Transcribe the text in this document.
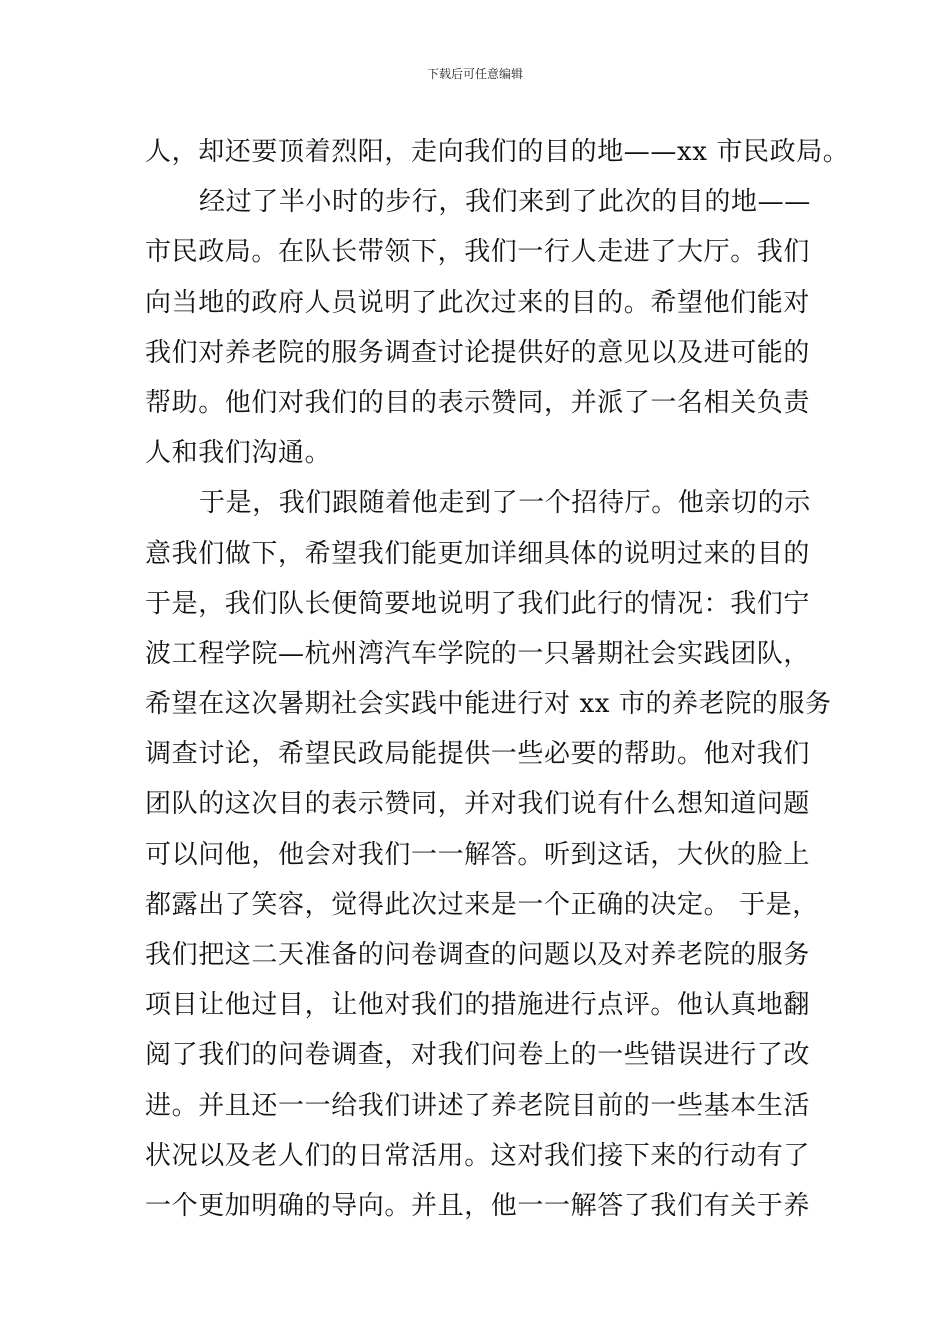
下载后可任意编辑
人，却还要顶着烈阳，走向我们的目的地——xx 市民政局。
经过了半小时的步行，我们来到了此次的目的地——
市民政局。在队长带领下，我们一行人走进了大厅。我们
向当地的政府人员说明了此次过来的目的。希望他们能对
我们对养老院的服务调查讨论提供好的意见以及进可能的
帮助。他们对我们的目的表示赞同，并派了一名相关负责
人和我们沟通。
于是，我们跟随着他走到了一个招待厅。他亲切的示
意我们做下，希望我们能更加详细具体的说明过来的目的
于是，我们队长便简要地说明了我们此行的情况：我们宁
波工程学院—杭州湾汽车学院的一只暑期社会实践团队，
希望在这次暑期社会实践中能进行对 xx 市的养老院的服务
调查讨论，希望民政局能提供一些必要的帮助。他对我们
团队的这次目的表示赞同，并对我们说有什么想知道问题
可以问他，他会对我们一一解答。听到这话，大伙的脸上
都露出了笑容，觉得此次过来是一个正确的决定。 于是，
我们把这二天准备的问卷调查的问题以及对养老院的服务
项目让他过目，让他对我们的措施进行点评。他认真地翻
阅了我们的问卷调查，对我们问卷上的一些错误进行了改
进。并且还一一给我们讲述了养老院目前的一些基本生活
状况以及老人们的日常活用。这对我们接下来的行动有了
一个更加明确的导向。并且，他一一解答了我们有关于养
